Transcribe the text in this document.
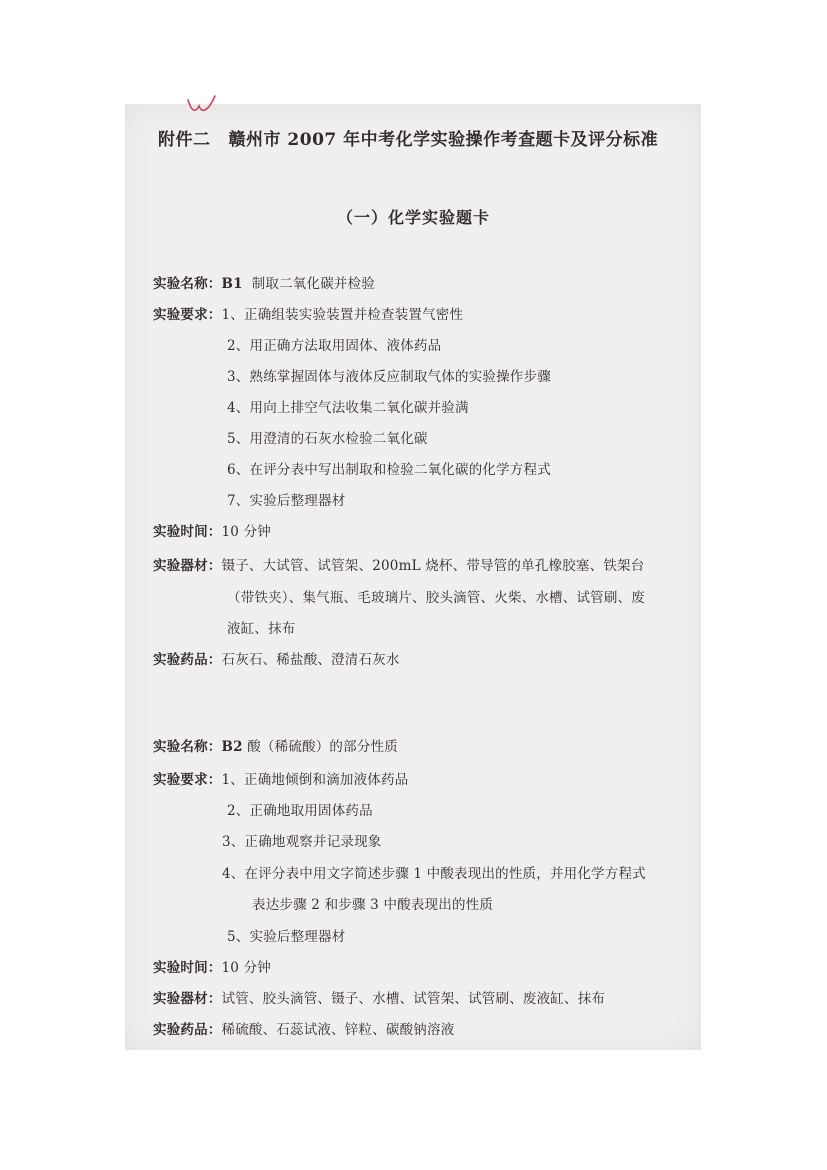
附件二 赣州市 2007 年中考化学实验操作考查题卡及评分标准
（一）化学实验题卡
实验名称：B1 制取二氧化碳并检验
实验要求：1、正确组装实验装置并检查装置气密性
2、用正确方法取用固体、液体药品
3、熟练掌握固体与液体反应制取气体的实验操作步骤
4、用向上排空气法收集二氧化碳并验满
5、用澄清的石灰水检验二氧化碳
6、在评分表中写出制取和检验二氧化碳的化学方程式
7、实验后整理器材
实验时间：10 分钟
实验器材：镊子、大试管、试管架、200mL 烧杯、带导管的单孔橡胶塞、铁架台
（带铁夹）、集气瓶、毛玻璃片、胶头滴管、火柴、水槽、试管刷、废
液缸、抹布
实验药品：石灰石、稀盐酸、澄清石灰水
实验名称：B2 酸（稀硫酸）的部分性质
实验要求：1、正确地倾倒和滴加液体药品
2、正确地取用固体药品
3、正确地观察并记录现象
4、在评分表中用文字简述步骤 1 中酸表现出的性质，并用化学方程式
表达步骤 2 和步骤 3 中酸表现出的性质
5、实验后整理器材
实验时间：10 分钟
实验器材：试管、胶头滴管、镊子、水槽、试管架、试管刷、废液缸、抹布
实验药品：稀硫酸、石蕊试液、锌粒、碳酸钠溶液
